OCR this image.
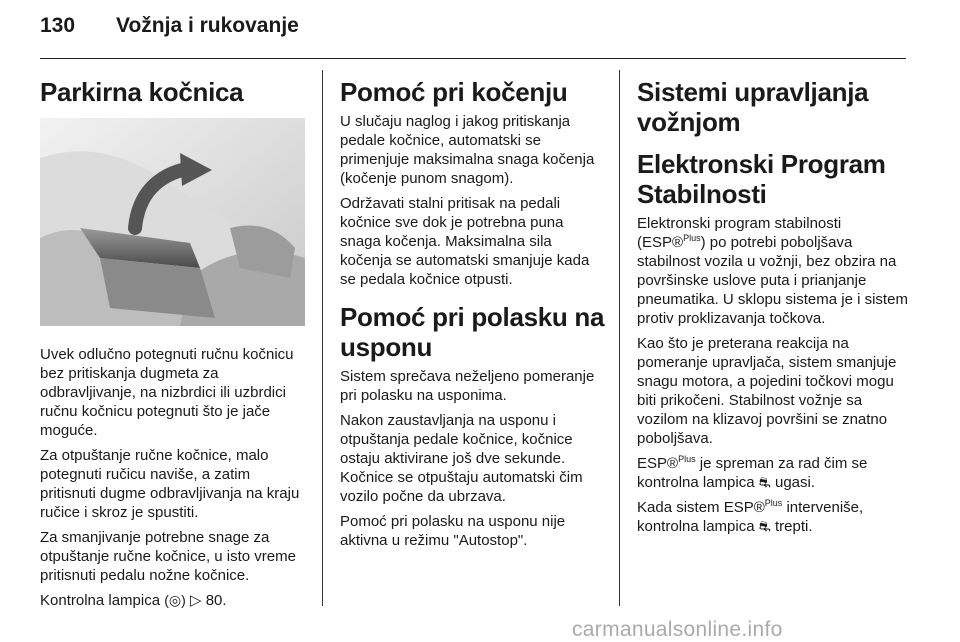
130 Vožnja i rukovanje
Parkirna kočnica

Uvek odlučno potegnuti ručnu kočnicu bez pritiskanja dugmeta za odbravljivanje, na nizbrdici ili uzbrdici ručnu kočnicu potegnuti što je jače moguće.

Za otpuštanje ručne kočnice, malo potegnuti ručicu naviše, a zatim pritisnuti dugme odbravljivanja na kraju ručice i skroz je spustiti.

Za smanjivanje potrebne snage za otpuštanje ručne kočnice, u isto vreme pritisnuti pedalu nožne kočnice.

Kontrolna lampica (◎) ▷ 80.

Pomoć pri kočenju

U slučaju naglog i jakog pritiskanja pedale kočnice, automatski se primenjuje maksimalna snaga kočenja (kočenje punom snagom).

Održavati stalni pritisak na pedali kočnice sve dok je potrebna puna snaga kočenja. Maksimalna sila kočenja se automatski smanjuje kada se pedala kočnice otpusti.

Pomoć pri polasku na usponu

Sistem sprečava neželjeno pomeranje pri polasku na usponima.

Nakon zaustavljanja na usponu i otpuštanja pedale kočnice, kočnice ostaju aktivirane još dve sekunde. Kočnice se otpuštaju automatski čim vozilo počne da ubrzava.

Pomoć pri polasku na usponu nije aktivna u režimu "Autostop".

Sistemi upravljanja vožnjom
Elektronski Program Stabilnosti

Elektronski program stabilnosti (ESP®$^{Plus}$) po potrebi poboljšava stabilnost vozila u vožnji, bez obzira na površinske uslove puta i prianjanje pneumatika. U sklopu sistema je i sistem protiv proklizavanja točkova.

Kao što je preterana reakcija na pomeranje upravljača, sistem smanjuje snagu motora, a pojedini točkovi mogu biti prikočeni. Stabilnost vožnje sa vozilom na klizavoj površini se znatno poboljšava.

ESP®$^{Plus}$ je spreman za rad čim se kontrolna lampica ⛐ ugasi.

Kada sistem ESP®$^{Plus}$ interveniše, kontrolna lampica ⛐ trepti.

carmanualsonline.info
